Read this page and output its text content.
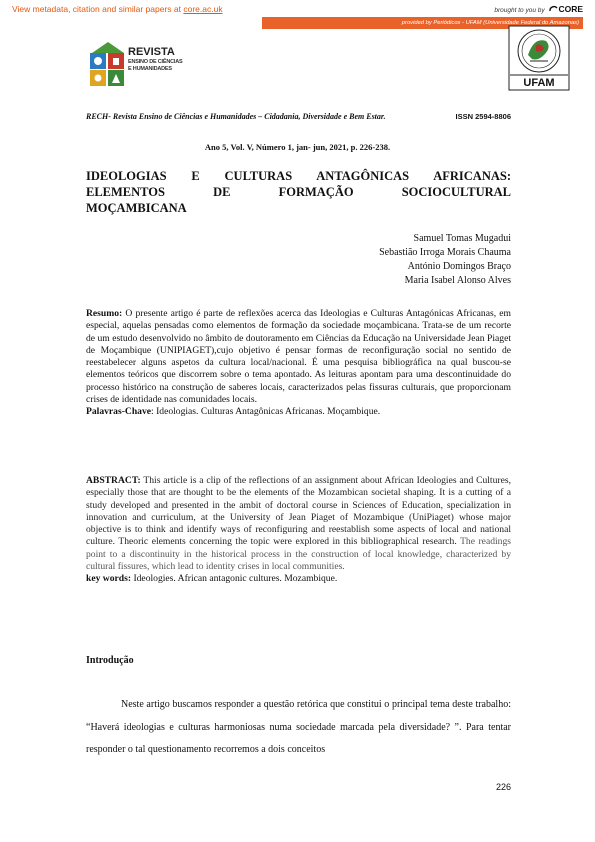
View metadata, citation and similar papers at core.ac.uk	brought to you by CORE
provided by Periódicos - UFAM (Universidade Federal do Amazonas)
REVISTA
ENSINO DE CIÊNCIAS
E HUMANIDADES
UFAM
RECH- Revista Ensino de Ciências e Humanidades – Cidadania, Diversidade e Bem Estar.	ISSN 2594-8806
Ano 5, Vol. V, Número 1, jan- jun, 2021, p. 226-238.
IDEOLOGIAS E CULTURAS ANTAGÔNICAS AFRICANAS:
ELEMENTOS DE FORMAÇÃO SOCIOCULTURAL
MOÇAMBICANA
Samuel Tomas Mugadui
Sebastião Irroga Morais Chauma
António Domingos Braço
Maria Isabel Alonso Alves
Resumo: O presente artigo é parte de reflexões acerca das Ideologias e Culturas Antagónicas Africanas, em especial, aquelas pensadas como elementos de formação da sociedade moçambicana. Trata-se de um recorte de um estudo desenvolvido no âmbito de doutoramento em Ciências da Educação na Universidade Jean Piaget de Moçambique (UNIPIAGET),cujo objetivo é pensar formas de reconfiguração social no sentido de reestabelecer alguns aspetos da cultura local/nacional. É uma pesquisa bibliográfica na qual buscou-se elementos teóricos que discorrem sobre o tema apontado. As leituras apontam para uma descontinuidade do processo histórico na construção de saberes locais, caracterizados pelas fissuras culturais, que proporcionam crises de identidade nas comunidades locais.
Palavras-Chave: Ideologias. Culturas Antagônicas Africanas. Moçambique.
ABSTRACT: This article is a clip of the reflections of an assignment about African Ideologies and Cultures, especially those that are thought to be the elements of the Mozambican societal shaping. It is a cutting of a study developed and presented in the ambit of doctoral course in Sciences of Education, specialization in innovation and curriculum, at the University of Jean Piaget of Mozambique (UniPiaget) whose major objective is to think and identify ways of reconfiguring and reestablish some aspects of local and national culture. Theoric elements concerning the topic were explored in this bibliographical research. The readings point to a discontinuity in the historical process in the construction of local knowledge, characterized by cultural fissures, which lead to identity crises in local communities.
key words: Ideologies. African antagonic cultures. Mozambique.
Introdução
Neste artigo buscamos responder a questão retórica que constitui o principal tema deste trabalho: “Haverá ideologias e culturas harmoniosas numa sociedade marcada pela diversidade? ”. Para tentar responder o tal questionamento recorremos a dois conceitos
226
